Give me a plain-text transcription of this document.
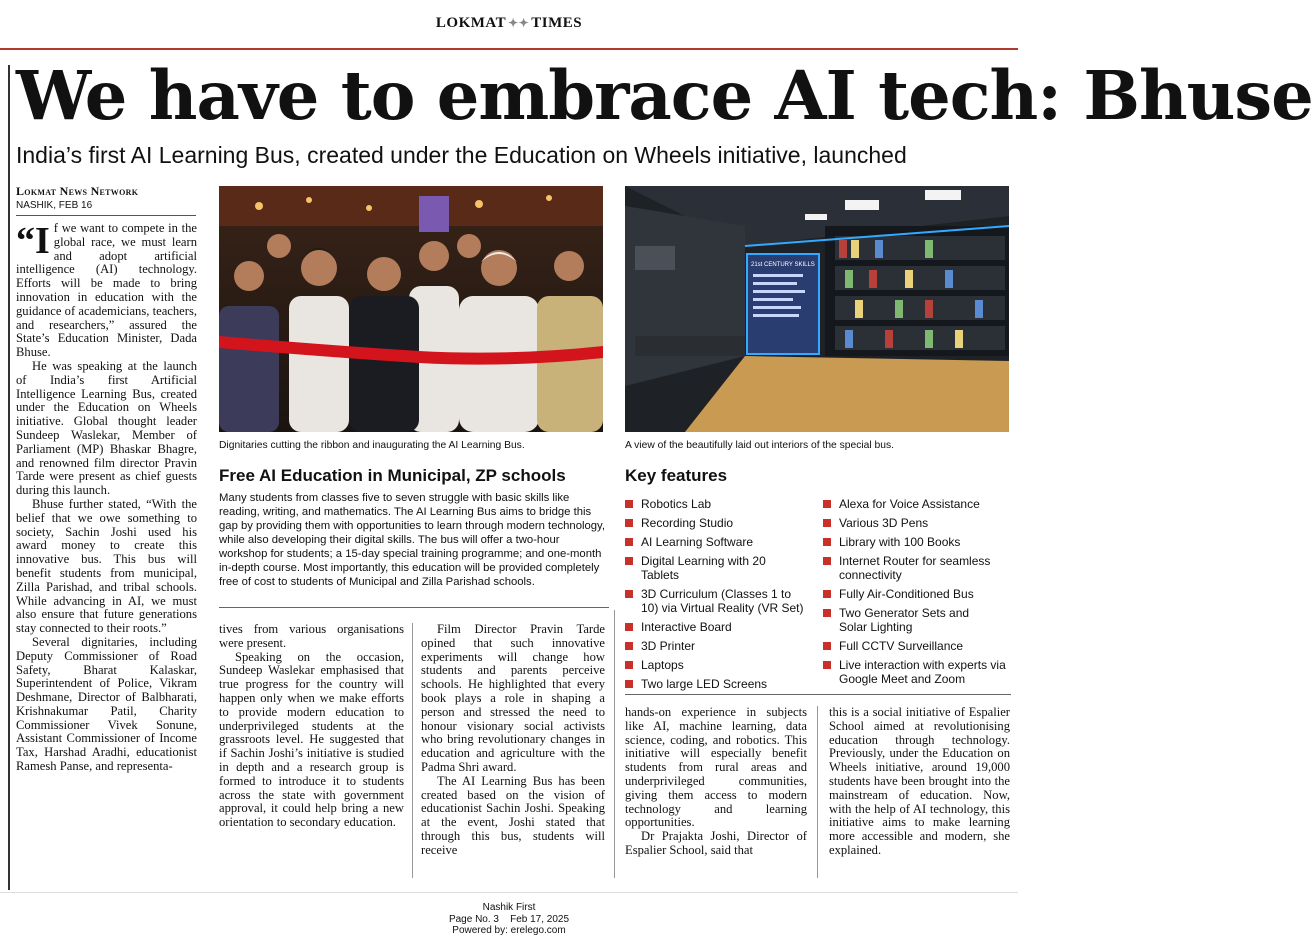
LOKMAT ✦✦ TIMES
We have to embrace AI tech: Bhuse
India’s first AI Learning Bus, created under the Education on Wheels initiative, launched
Lokmat News Network
NASHIK, FEB 16

“If we want to compete in the global race, we must learn and adopt artificial intelligence (AI) technology. Efforts will be made to bring innovation in education with the guidance of academicians, teachers, and researchers,” assured the State’s Education Minister, Dada Bhuse.

He was speaking at the launch of India’s first Artificial Intelligence Learning Bus, created under the Education on Wheels initiative. Global thought leader Sundeep Waslekar, Member of Parliament (MP) Bhaskar Bhagre, and renowned film director Pravin Tarde were present as chief guests during this launch.

Bhuse further stated, “With the belief that we owe something to society, Sachin Joshi used his award money to create this innovative bus. This bus will benefit students from municipal, Zilla Parishad, and tribal schools. While advancing in AI, we must also ensure that future generations stay connected to their roots.”

Several dignitaries, including Deputy Commissioner of Road Safety, Bharat Kalaskar, Superintendent of Police, Vikram Deshmane, Director of Balbharati, Krishnakumar Patil, Charity Commissioner Vivek Sonune, Assistant Commissioner of Income Tax, Harshad Aradhi, educationist Ramesh Panse, and representa-

21st CENTURY SKILLS
Dignitaries cutting the ribbon and inaugurating the AI Learning Bus.	A view of the beautifully laid out interiors of the special bus.
Free AI Education in Municipal, ZP schools
Many students from classes five to seven struggle with basic skills like reading, writing, and mathematics. The AI Learning Bus aims to bridge this gap by providing them with opportunities to learn through modern technology, while also developing their digital skills. The bus will offer a two-hour workshop for students; a 15-day special training programme; and one-month in-depth course. Most importantly, this education will be provided completely free of cost to students of Municipal and Zilla Parishad schools.
Key features
Robotics Lab
Recording Studio
AI Learning Software
Digital Learning with 20 Tablets
3D Curriculum (Classes 1 to 10) via Virtual Reality (VR Set)
Interactive Board
3D Printer
Laptops
Two large LED Screens
Alexa for Voice Assistance
Various 3D Pens
Library with 100 Books
Internet Router for seamless connectivity
Fully Air-Conditioned Bus
Two Generator Sets and Solar Lighting
Full CCTV Surveillance
Live interaction with experts via Google Meet and Zoom

tives from various organisations were present.

Speaking on the occasion, Sundeep Waslekar emphasised that true progress for the country will happen only when we make efforts to provide modern education to underprivileged students at the grassroots level. He suggested that if Sachin Joshi’s initiative is studied in depth and a research group is formed to introduce it to students across the state with government approval, it could help bring a new orientation to secondary education.

Film Director Pravin Tarde opined that such innovative experiments will change how students and parents perceive schools. He highlighted that every book plays a role in shaping a person and stressed the need to honour visionary social activists who bring revolutionary changes in education and agriculture with the Padma Shri award.

The AI Learning Bus has been created based on the vision of educationist Sachin Joshi. Speaking at the event, Joshi stated that through this bus, students will receive

hands-on experience in subjects like AI, machine learning, data science, coding, and robotics. This initiative will especially benefit students from rural areas and underprivileged communities, giving them access to modern technology and learning opportunities.

Dr Prajakta Joshi, Director of Espalier School, said that

this is a social initiative of Espalier School aimed at revolutionising education through technology. Previously, under the Education on Wheels initiative, around 19,000 students have been brought into the mainstream of education. Now, with the help of AI technology, this initiative aims to make learning more accessible and modern, she explained.

Nashik First
Page No. 3    Feb 17, 2025
Powered by: erelego.com
